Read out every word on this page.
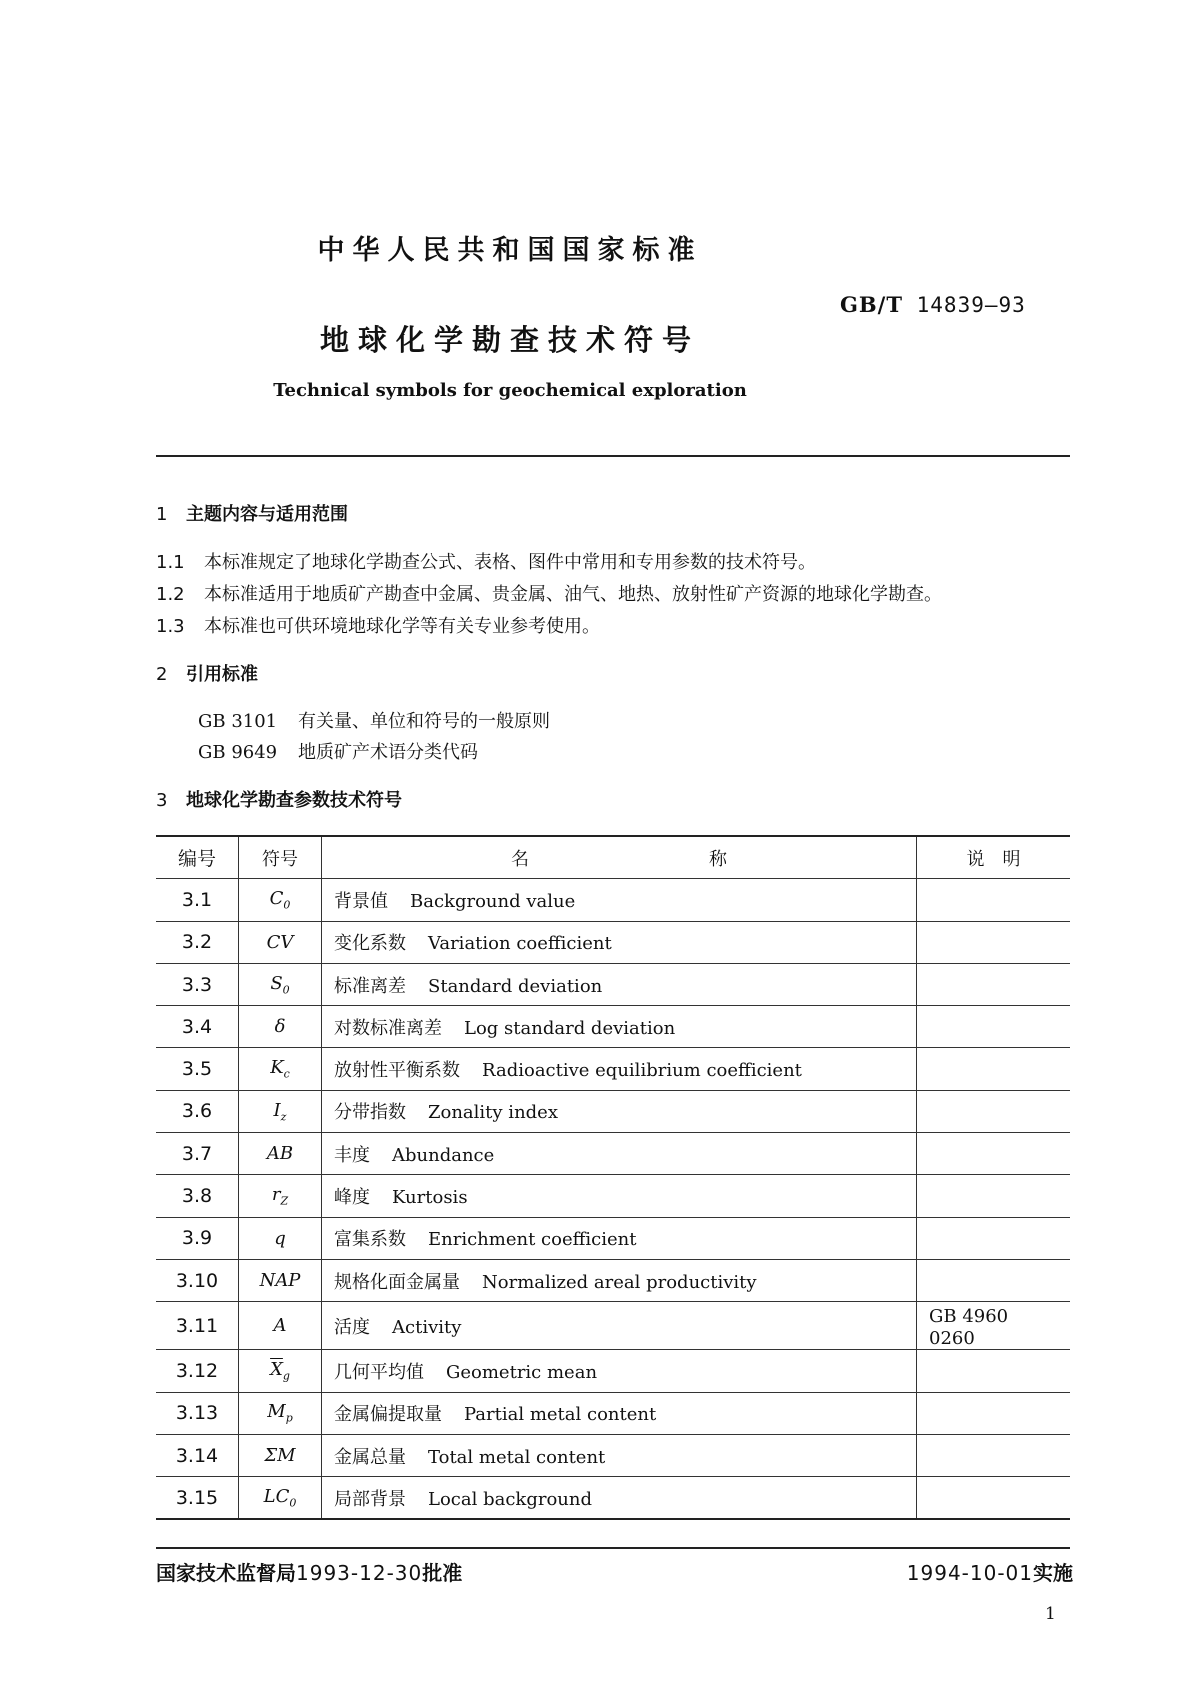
中华人民共和国国家标准
GB/T 14839—93
地球化学勘查技术符号
Technical symbols for geochemical exploration
1 主题内容与适用范围
1.1 本标准规定了地球化学勘查公式、表格、图件中常用和专用参数的技术符号。
1.2 本标准适用于地质矿产勘查中金属、贵金属、油气、地热、放射性矿产资源的地球化学勘查。
1.3 本标准也可供环境地球化学等有关专业参考使用。
2 引用标准
GB 3101 有关量、单位和符号的一般原则
GB 9649 地质矿产术语分类代码
3 地球化学勘查参数技术符号
编号	符号	名 称	说　明
3.1	$C_0$	背景值 Background value	
3.2	CV	变化系数 Variation coefficient	
3.3	$S_0$	标准离差 Standard deviation	
3.4	δ	对数标准离差 Log standard deviation	
3.5	$K_c$	放射性平衡系数 Radioactive equilibrium coefficient	
3.6	$I_z$	分带指数 Zonality index	
3.7	AB	丰度 Abundance	
3.8	$r_Z$	峰度 Kurtosis	
3.9	q	富集系数 Enrichment coefficient	
3.10	NAP	规格化面金属量 Normalized areal productivity	
3.11	A	活度 Activity	GB 4960　0260
3.12	$\overline{X}_g$	几何平均值 Geometric mean	
3.13	$M_p$	金属偏提取量 Partial metal content	
3.14	ΣM	金属总量 Total metal content	
3.15	$LC_0$	局部背景 Local background	
国家技术监督局1993-12-30批准	1994-10-01实施
1
